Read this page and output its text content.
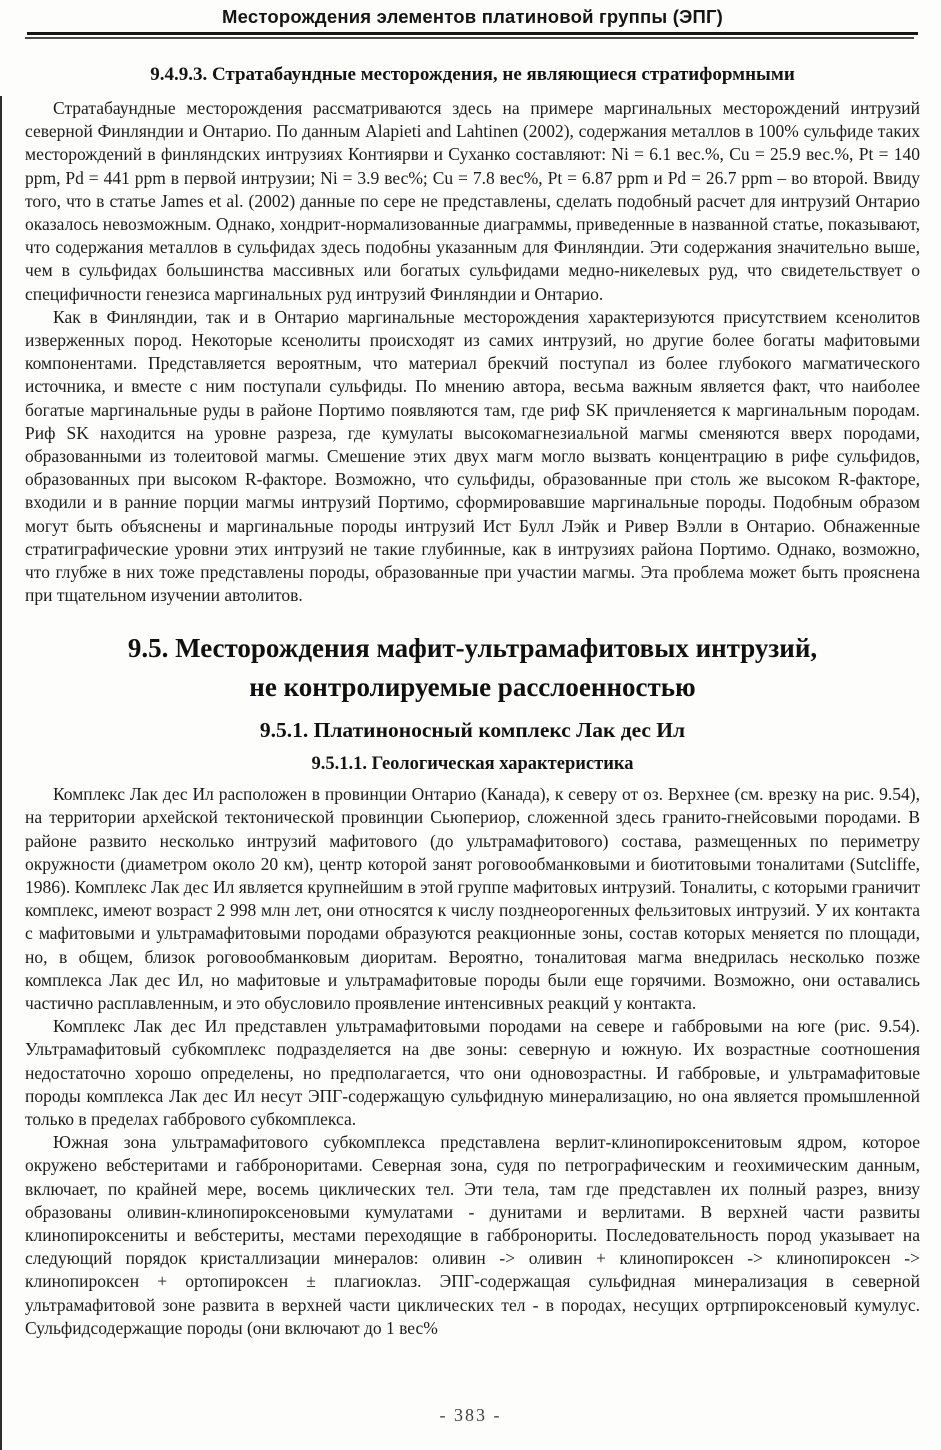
Месторождения элементов платиновой группы (ЭПГ)
9.4.9.3. Стратабаундные месторождения, не являющиеся стратиформными

Стратабаундные месторождения рассматриваются здесь на примере маргинальных месторождений интрузий северной Финляндии и Онтарио. По данным Alapieti and Lahtinen (2002), содержания металлов в 100% сульфиде таких месторождений в финляндских интрузиях Контиярви и Суханко составляют: Ni = 6.1 вес.%, Cu = 25.9 вес.%, Pt = 140 ppm, Pd = 441 ppm в первой интрузии; Ni = 3.9 вес%; Cu = 7.8 вес%, Pt = 6.87 ppm и Pd = 26.7 ppm – во второй. Ввиду того, что в статье James et al. (2002) данные по сере не представлены, сделать подобный расчет для интрузий Онтарио оказалось невозможным. Однако, хондрит-нормализованные диаграммы, приведенные в названной статье, показывают, что содержания металлов в сульфидах здесь подобны указанным для Финляндии. Эти содержания значительно выше, чем в сульфидах большинства массивных или богатых сульфидами медно-никелевых руд, что свидетельствует о специфичности генезиса маргинальных руд интрузий Финляндии и Онтарио.

Как в Финляндии, так и в Онтарио маргинальные месторождения характеризуются присутствием ксенолитов изверженных пород. Некоторые ксенолиты происходят из самих интрузий, но другие более богаты мафитовыми компонентами. Представляется вероятным, что материал брекчий поступал из более глубокого магматического источника, и вместе с ним поступали сульфиды. По мнению автора, весьма важным является факт, что наиболее богатые маргинальные руды в районе Портимо появляются там, где риф SK причленяется к маргинальным породам. Риф SK находится на уровне разреза, где кумулаты высокомагнезиальной магмы сменяются вверх породами, образованными из толеитовой магмы. Смешение этих двух магм могло вызвать концентрацию в рифе сульфидов, образованных при высоком R-факторе. Возможно, что сульфиды, образованные при столь же высоком R-факторе, входили и в ранние порции магмы интрузий Портимо, сформировавшие маргинальные породы. Подобным образом могут быть объяснены и маргинальные породы интрузий Ист Булл Лэйк и Ривер Вэлли в Онтарио. Обнаженные стратиграфические уровни этих интрузий не такие глубинные, как в интрузиях района Портимо. Однако, возможно, что глубже в них тоже представлены породы, образованные при участии магмы. Эта проблема может быть прояснена при тщательном изучении автолитов.

9.5. Месторождения мафит-ультрамафитовых интрузий,
не контролируемые расслоенностью
9.5.1. Платиноносный комплекс Лак дес Ил
9.5.1.1. Геологическая характеристика

Комплекс Лак дес Ил расположен в провинции Онтарио (Канада), к северу от оз. Верхнее (см. врезку на рис. 9.54), на территории архейской тектонической провинции Сьюпериор, сложенной здесь гранито-гнейсовыми породами. В районе развито несколько интрузий мафитового (до ультрамафитового) состава, размещенных по периметру окружности (диаметром около 20 км), центр которой занят роговообманковыми и биотитовыми тоналитами (Sutcliffe, 1986). Комплекс Лак дес Ил является крупнейшим в этой группе мафитовых интрузий. Тоналиты, с которыми граничит комплекс, имеют возраст 2 998 млн лет, они относятся к числу позднеорогенных фельзитовых интрузий. У их контакта с мафитовыми и ультрамафитовыми породами образуются реакционные зоны, состав которых меняется по площади, но, в общем, близок роговообманковым диоритам. Вероятно, тоналитовая магма внедрилась несколько позже комплекса Лак дес Ил, но мафитовые и ультрамафитовые породы были еще горячими. Возможно, они оставались частично расплавленным, и это обусловило проявление интенсивных реакций у контакта.

Комплекс Лак дес Ил представлен ультрамафитовыми породами на севере и габбровыми на юге (рис. 9.54). Ультрамафитовый субкомплекс подразделяется на две зоны: северную и южную. Их возрастные соотношения недостаточно хорошо определены, но предполагается, что они одновозрастны. И габбровые, и ультрамафитовые породы комплекса Лак дес Ил несут ЭПГ-содержащую сульфидную минерализацию, но она является промышленной только в пределах габбрового субкомплекса.

Южная зона ультрамафитового субкомплекса представлена верлит-клинопироксенитовым ядром, которое окружено вебстеритами и габброноритами. Северная зона, судя по петрографическим и геохимическим данным, включает, по крайней мере, восемь циклических тел. Эти тела, там где представлен их полный разрез, внизу образованы оливин-клинопироксеновыми кумулатами - дунитами и верлитами. В верхней части развиты клинопироксениты и вебстериты, местами переходящие в габбронориты. Последовательность пород указывает на следующий порядок кристаллизации минералов: оливин -> оливин + клинопироксен -> клинопироксен -> клинопироксен + ортопироксен ± плагиоклаз. ЭПГ-содержащая сульфидная минерализация в северной ультрамафитовой зоне развита в верхней части циклических тел - в породах, несущих ортрпироксеновый кумулус. Сульфидсодержащие породы (они включают до 1 вес%

- 383 -
